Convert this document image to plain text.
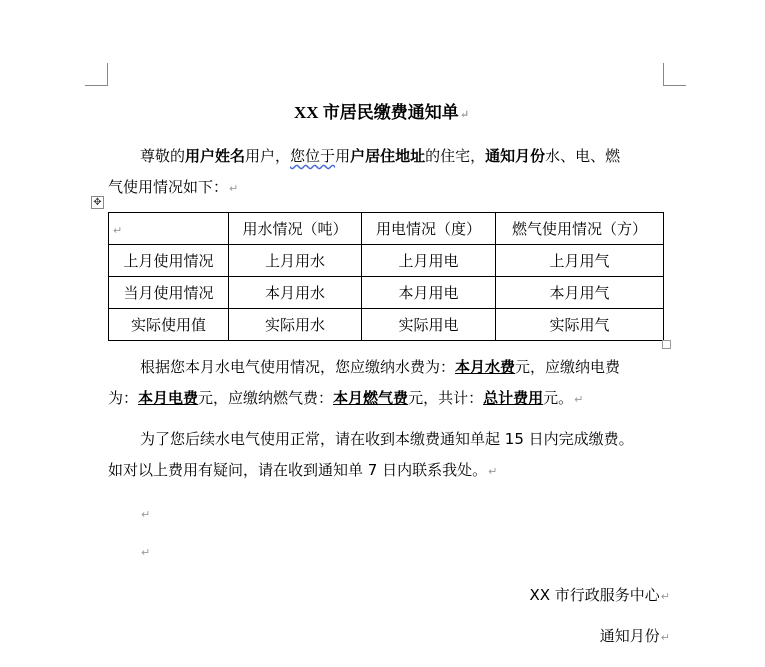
XX 市居民缴费通知单↵
尊敬的用户姓名用户，您位于用户居住地址的住宅，通知月份水、电、燃
气使用情况如下：↵
✥
↵	用水情况（吨）	用电情况（度）	燃气使用情况（方）
上月使用情况	上月用水	上月用电	上月用气
当月使用情况	本月用水	本月用电	本月用气
实际使用值	实际用水	实际用电	实际用气
根据您本月水电气使用情况，您应缴纳水费为：本月水费元，应缴纳电费
为：本月电费元，应缴纳燃气费：本月燃气费元，共计：总计费用元。↵
为了您后续水电气使用正常，请在收到本缴费通知单起 15 日内完成缴费。
如对以上费用有疑问，请在收到通知单 7 日内联系我处。↵
↵
↵
XX 市行政服务中心↵
通知月份↵
